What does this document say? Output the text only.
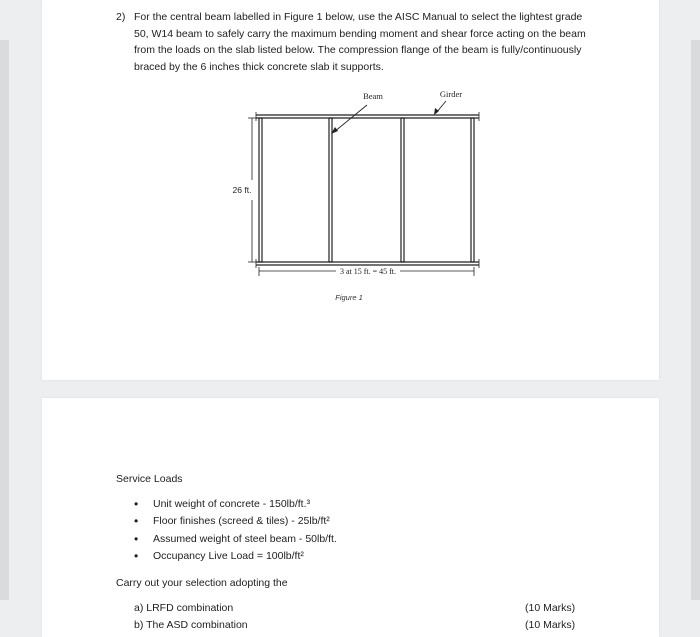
2) For the central beam labelled in Figure 1 below, use the AISC Manual to select the lightest grade 50, W14 beam to safely carry the maximum bending moment and shear force acting on the beam from the loads on the slab listed below. The compression flange of the beam is fully/continuously braced by the 6 inches thick concrete slab it supports.
Beam	Girder
26 ft.
3 at 15 ft. = 45 ft.
Figure 1
Service Loads
• Unit weight of concrete - 150lb/ft.³
• Floor finishes (screed & tiles) - 25lb/ft²
• Assumed weight of steel beam - 50lb/ft.
• Occupancy Live Load = 100lb/ft²
Carry out your selection adopting the
a) LRFD combination	(10 Marks)
b) The ASD combination	(10 Marks)
